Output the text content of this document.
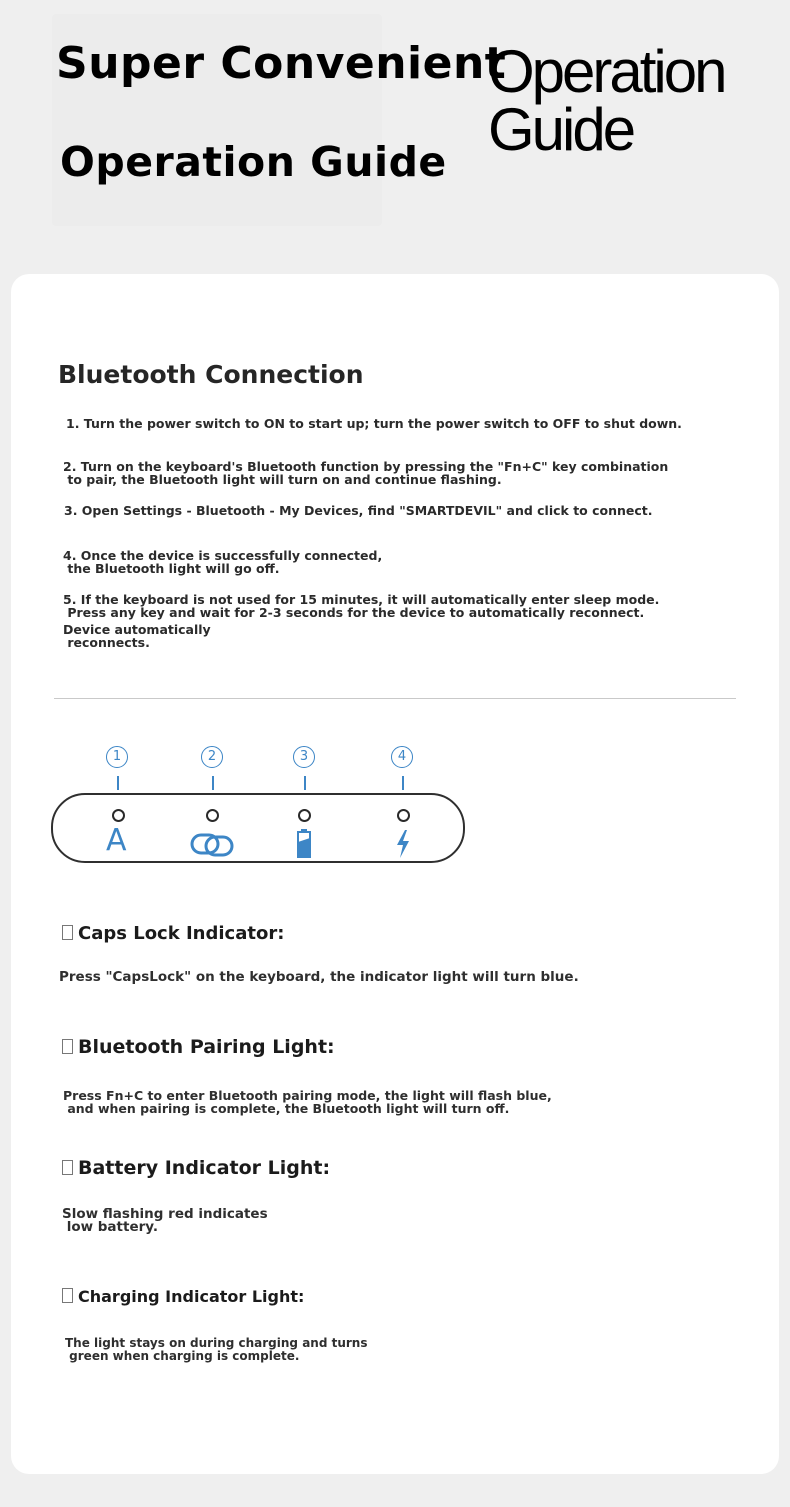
Super Convenient
Operation Guide
Operation
Guide
Bluetooth Connection
1. Turn the power switch to ON to start up; turn the power switch to OFF to shut down.
2. Turn on the keyboard's Bluetooth function by pressing the "Fn+C" key combination
to pair, the Bluetooth light will turn on and continue flashing.
3. Open Settings - Bluetooth - My Devices, find "SMARTDEVIL" and click to connect.
4. Once the device is successfully connected,
the Bluetooth light will go off.
5. If the keyboard is not used for 15 minutes, it will automatically enter sleep mode.
Press any key and wait for 2-3 seconds for the device to automatically reconnect.
Device automatically
reconnects.
1	2	3	4
A
Caps Lock Indicator:
Press "CapsLock" on the keyboard, the indicator light will turn blue.
Bluetooth Pairing Light:
Press Fn+C to enter Bluetooth pairing mode, the light will flash blue,
and when pairing is complete, the Bluetooth light will turn off.
Battery Indicator Light:
Slow flashing red indicates
low battery.
Charging Indicator Light:
The light stays on during charging and turns
green when charging is complete.
